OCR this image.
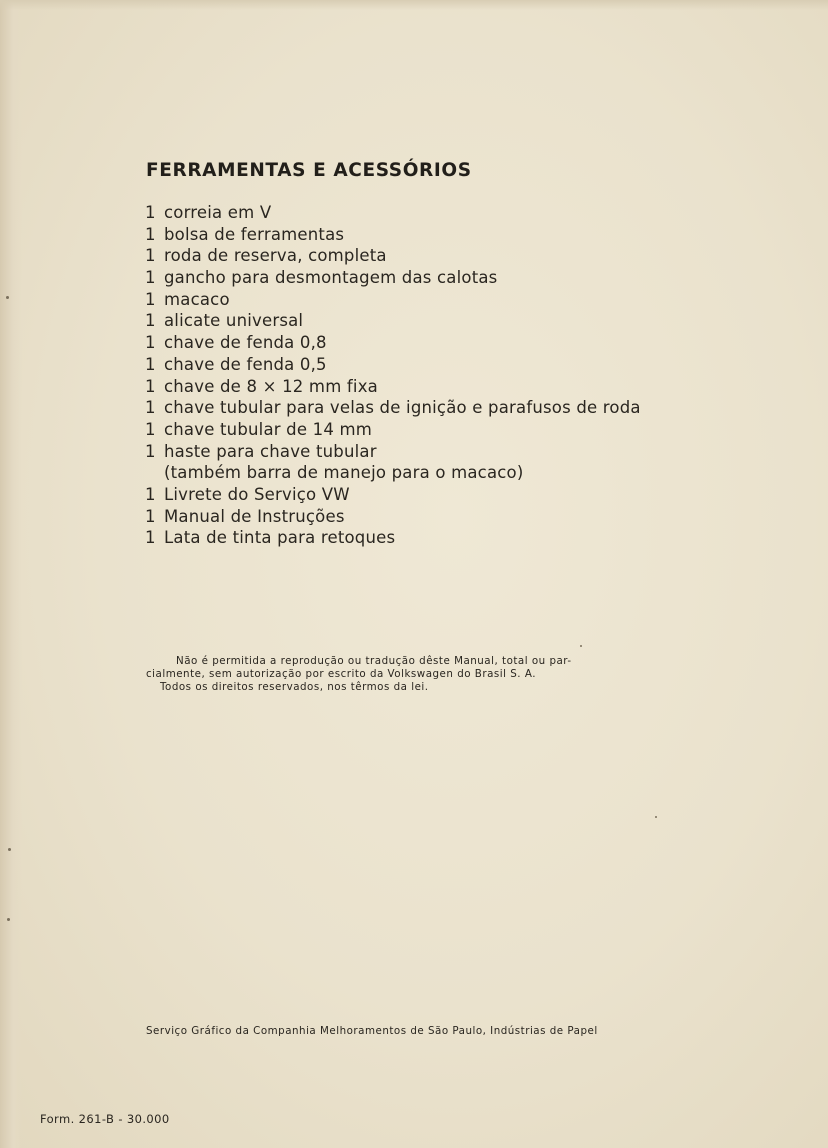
FERRAMENTAS E ACESSÓRIOS
1 correia em V
1 bolsa de ferramentas
1 roda de reserva, completa
1 gancho para desmontagem das calotas
1 macaco
1 alicate universal
1 chave de fenda 0,8
1 chave de fenda 0,5
1 chave de 8 × 12 mm fixa
1 chave tubular para velas de ignição e parafusos de roda
1 chave tubular de 14 mm
1 haste para chave tubular
(também barra de manejo para o macaco)
1 Livrete do Serviço VW
1 Manual de Instruções
1 Lata de tinta para retoques
Não é permitida a reprodução ou tradução dêste Manual, total ou par-
cialmente, sem autorização por escrito da Volkswagen do Brasil S. A.
Todos os direitos reservados, nos têrmos da lei.
Serviço Gráfico da Companhia Melhoramentos de São Paulo, Indústrias de Papel
Form. 261-B - 30.000
